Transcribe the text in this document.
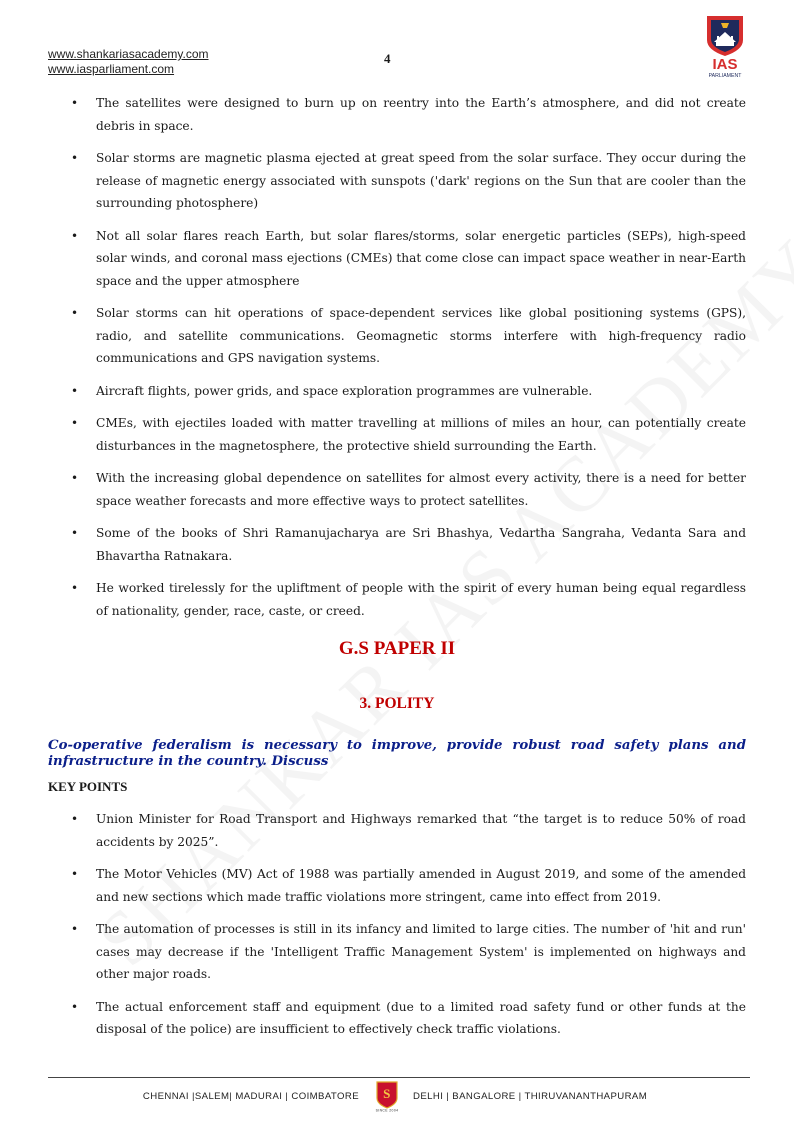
www.shankariasacademy.com
www.iasparliament.com
4	IAS
PARLIAMENT
• The satellites were designed to burn up on reentry into the Earth’s atmosphere, and did not create debris in space.
• Solar storms are magnetic plasma ejected at great speed from the solar surface. They occur during the release of magnetic energy associated with sunspots ('dark' regions on the Sun that are cooler than the surrounding photosphere)
• Not all solar flares reach Earth, but solar flares/storms, solar energetic particles (SEPs), high-speed solar winds, and coronal mass ejections (CMEs) that come close can impact space weather in near-Earth space and the upper atmosphere
• Solar storms can hit operations of space-dependent services like global positioning systems (GPS), radio, and satellite communications. Geomagnetic storms interfere with high-frequency radio communications and GPS navigation systems.
• Aircraft flights, power grids, and space exploration programmes are vulnerable.
• CMEs, with ejectiles loaded with matter travelling at millions of miles an hour, can potentially create disturbances in the magnetosphere, the protective shield surrounding the Earth.
• With the increasing global dependence on satellites for almost every activity, there is a need for better space weather forecasts and more effective ways to protect satellites.
• Some of the books of Shri Ramanujacharya are Sri Bhashya, Vedartha Sangraha, Vedanta Sara and Bhavartha Ratnakara.
• He worked tirelessly for the upliftment of people with the spirit of every human being equal regardless of nationality, gender, race, caste, or creed.
G.S PAPER II
3. POLITY
Co-operative federalism is necessary to improve, provide robust road safety plans and infrastructure in the country. Discuss
KEY POINTS
• Union Minister for Road Transport and Highways remarked that “the target is to reduce 50% of road accidents by 2025”.
• The Motor Vehicles (MV) Act of 1988 was partially amended in August 2019, and some of the amended and new sections which made traffic violations more stringent, came into effect from 2019.
• The automation of processes is still in its infancy and limited to large cities. The number of 'hit and run' cases may decrease if the 'Intelligent Traffic Management System' is implemented on highways and other major roads.
• The actual enforcement staff and equipment (due to a limited road safety fund or other funds at the disposal of the police) are insufficient to effectively check traffic violations.
CHENNAI |SALEM| MADURAI | COIMBATORE S
SINCE 2004
DELHI | BANGALORE | THIRUVANANTHAPURAM
